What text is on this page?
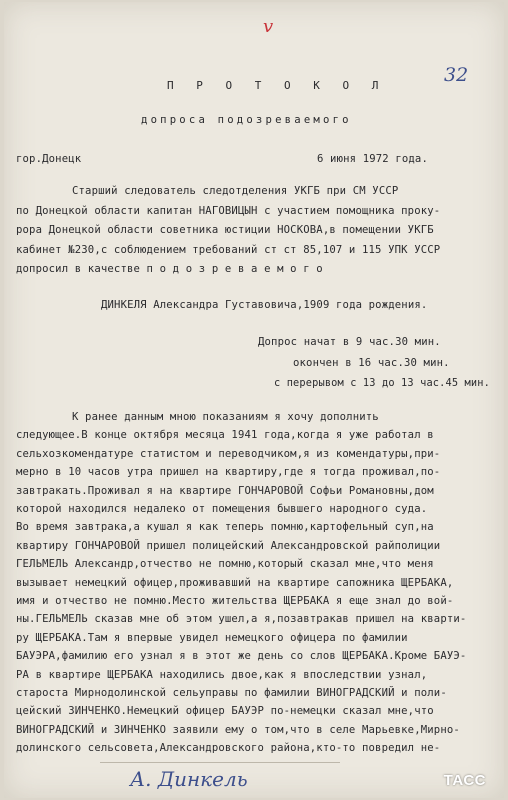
v
32
П Р О Т О К О Л
допроса подозреваемого
гор.Донецк	6 июня 1972 года.
Старший следователь следотделения УКГБ при СМ УССР
по Донецкой области капитан НАГОВИЦЫН с участием помощника проку-
рора Донецкой области советника юстиции НОСКОВА,в помещении УКГБ
кабинет №230,с соблюдением требований ст ст 85,107 и 115 УПК УССР
допросил в качестве п о д о з р е в а е м о г о
ДИНКЕЛЯ Александра Густавовича,1909 года рождения.
Допрос начат в 9 час.30 мин.
окончен в 16 час.30 мин.
с перерывом с 13 до 13 час.45 мин.
К ранее данным мною показаниям я хочу дополнить
следующее.В конце октября месяца 1941 года,когда я уже работал в
сельхозкомендатуре статистом и переводчиком,я из комендатуры,при-
мерно в 10 часов утра пришел на квартиру,где я тогда проживал,по-
завтракать.Проживал я на квартире ГОНЧАРОВОЙ Софьи Романовны,дом
которой находился недалеко от помещения бывшего народного суда.
Во время завтрака,а кушал я как теперь помню,картофельный суп,на
квартиру ГОНЧАРОВОЙ пришел полицейский Александровской райполиции
ГЕЛЬМЕЛЬ Александр,отчество не помню,который сказал мне,что меня
вызывает немецкий офицер,проживавший на квартире сапожника ЩЕРБАКА,
имя и отчество не помню.Место жительства ЩЕРБАКА я еще знал до вой-
ны.ГЕЛЬМЕЛЬ сказав мне об этом ушел,а я,позавтракав пришел на кварти-
ру ЩЕРБАКА.Там я впервые увидел немецкого офицера по фамилии
БАУЭРА,фамилию его узнал я в этот же день со слов ЩЕРБАКА.Кроме БАУЭ-
РА в квартире ЩЕРБАКА находились двое,как я впоследствии узнал,
староста Мирнодолинской сельуправы по фамилии ВИНОГРАДСКИЙ и поли-
цейский ЗИНЧЕНКО.Немецкий офицер БАУЭР по-немецки сказал мне,что
ВИНОГРАДСКИЙ и ЗИНЧЕНКО заявили ему о том,что в селе Марьевке,Мирно-
долинского сельсовета,Александровского района,кто-то повредил не-
А. Динкель	ТАСС
